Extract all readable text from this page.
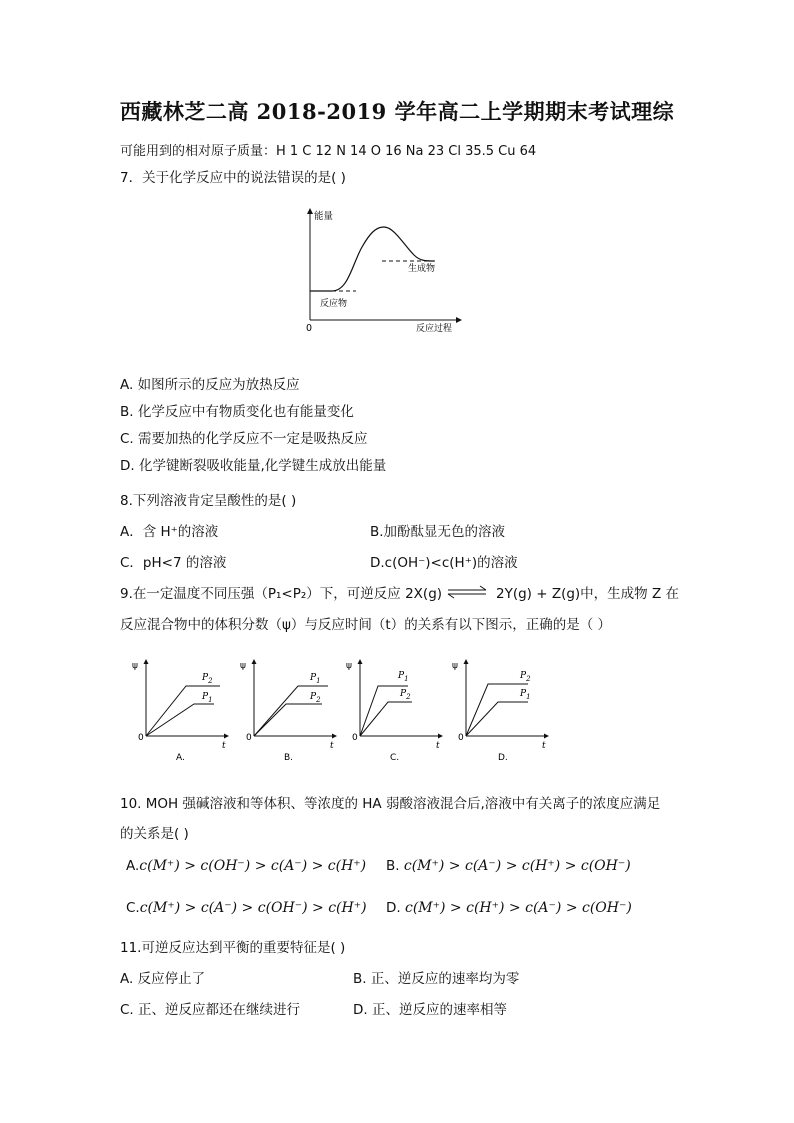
西藏林芝二高 2018-2019 学年高二上学期期末考试理综
可能用到的相对原子质量：H 1 C 12 N 14 O 16 Na 23 Cl 35.5 Cu 64
7．关于化学反应中的说法错误的是( )
能量
0	反应过程
反应物
生成物
A. 如图所示的反应为放热反应
B. 化学反应中有物质变化也有能量变化
C. 需要加热的化学反应不一定是吸热反应
D. 化学键断裂吸收能量,化学键生成放出能量
8.下列溶液肯定呈酸性的是( )
A．含 H⁺的溶液	B.加酚酞显无色的溶液
C．pH<7 的溶液	D.c(OH⁻)<c(H⁺)的溶液
9.在一定温度不同压强（P₁<P₂）下，可逆反应 2X(g) ⇌ 2Y(g) + Z(g)中，生成物 Z 在
反应混合物中的体积分数（ψ）与反应时间（t）的关系有以下图示，正确的是（ ）
ψ
0
t
$P_2$
$P_1$
A.
ψ
0
t
$P_1$
$P_2$
B.
ψ
0
t
$P_1$
$P_2$
C.
ψ
0
t
$P_2$
$P_1$
D.
10. MOH 强碱溶液和等体积、等浓度的 HA 弱酸溶液混合后,溶液中有关离子的浓度应满足
的关系是( )
A.c(M⁺) > c(OH⁻) > c(A⁻) > c(H⁺) B. c(M⁺) > c(A⁻) > c(H⁺) > c(OH⁻)
C.c(M⁺) > c(A⁻) > c(OH⁻) > c(H⁺) D. c(M⁺) > c(H⁺) > c(A⁻) > c(OH⁻)
11.可逆反应达到平衡的重要特征是( )
A. 反应停止了	B. 正、逆反应的速率均为零
C. 正、逆反应都还在继续进行	D. 正、逆反应的速率相等
